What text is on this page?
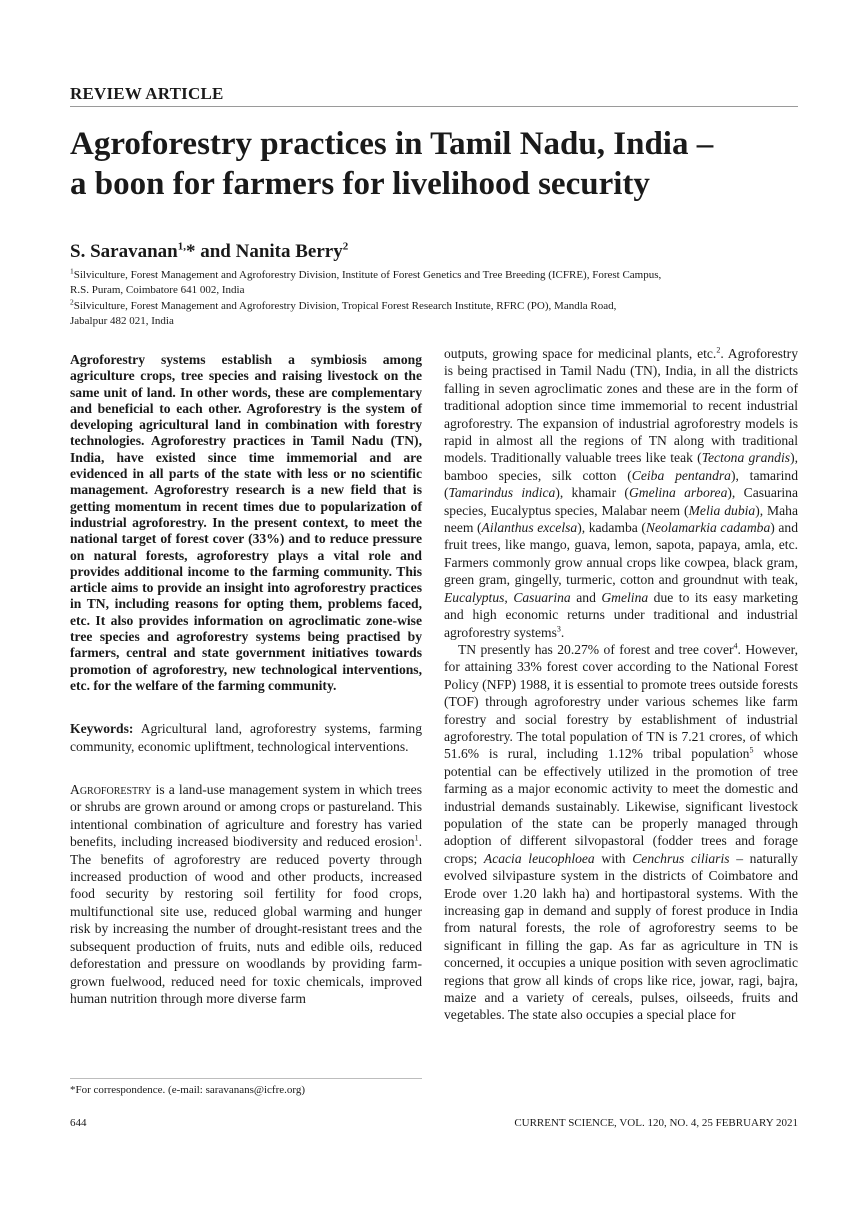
REVIEW ARTICLE
Agroforestry practices in Tamil Nadu, India –
a boon for farmers for livelihood security
S. Saravanan$^{1,}$* and Nanita Berry$^2$
$^1$Silviculture, Forest Management and Agroforestry Division, Institute of Forest Genetics and Tree Breeding (ICFRE), Forest Campus,
R.S. Puram, Coimbatore 641 002, India
$^2$Silviculture, Forest Management and Agroforestry Division, Tropical Forest Research Institute, RFRC (PO), Mandla Road,
Jabalpur 482 021, India

Agroforestry systems establish a symbiosis among agriculture crops, tree species and raising livestock on the same unit of land. In other words, these are complementary and beneficial to each other. Agroforestry is the system of developing agricultural land in combination with forestry technologies. Agroforestry practices in Tamil Nadu (TN), India, have existed since time immemorial and are evidenced in all parts of the state with less or no scientific management. Agroforestry research is a new field that is getting momentum in recent times due to popularization of industrial agroforestry. In the present context, to meet the national target of forest cover (33%) and to reduce pressure on natural forests, agroforestry plays a vital role and provides additional income to the farming community. This article aims to provide an insight into agroforestry practices in TN, including reasons for opting them, problems faced, etc. It also provides information on agroclimatic zone-wise tree species and agroforestry systems being practised by farmers, central and state government initiatives towards promotion of agroforestry, new technological interventions, etc. for the welfare of the farming community.

Keywords: Agricultural land, agroforestry systems, farming community, economic upliftment, technological interventions.

Agroforestry is a land-use management system in which trees or shrubs are grown around or among crops or pastureland. This intentional combination of agriculture and forestry has varied benefits, including increased biodiversity and reduced erosion$^1$. The benefits of agroforestry are reduced poverty through increased production of wood and other products, increased food security by restoring soil fertility for food crops, multifunctional site use, reduced global warming and hunger risk by increasing the number of drought-resistant trees and the subsequent production of fruits, nuts and edible oils, reduced deforestation and pressure on woodlands by providing farm-grown fuelwood, reduced need for toxic chemicals, improved human nutrition through more diverse farm

outputs, growing space for medicinal plants, etc.$^2$. Agroforestry is being practised in Tamil Nadu (TN), India, in all the districts falling in seven agroclimatic zones and these are in the form of traditional adoption since time immemorial to recent industrial agroforestry. The expansion of industrial agroforestry models is rapid in almost all the regions of TN along with traditional models. Traditionally valuable trees like teak (Tectona grandis), bamboo species, silk cotton (Ceiba pentandra), tamarind (Tamarindus indica), khamair (Gmelina arborea), Casuarina species, Eucalyptus species, Malabar neem (Melia dubia), Maha neem (Ailanthus excelsa), kadamba (Neolamarkia cadamba) and fruit trees, like mango, guava, lemon, sapota, papaya, amla, etc. Farmers commonly grow annual crops like cowpea, black gram, green gram, gingelly, turmeric, cotton and groundnut with teak, Eucalyptus, Casuarina and Gmelina due to its easy marketing and high economic returns under traditional and industrial agroforestry systems$^3$.

TN presently has 20.27% of forest and tree cover$^4$. However, for attaining 33% forest cover according to the National Forest Policy (NFP) 1988, it is essential to promote trees outside forests (TOF) through agroforestry under various schemes like farm forestry and social forestry by establishment of industrial agroforestry. The total population of TN is 7.21 crores, of which 51.6% is rural, including 1.12% tribal population$^5$ whose potential can be effectively utilized in the promotion of tree farming as a major economic activity to meet the domestic and industrial demands sustainably. Likewise, significant livestock population of the state can be properly managed through adoption of different silvopastoral (fodder trees and forage crops; Acacia leucophloea with Cenchrus ciliaris – naturally evolved silvipasture system in the districts of Coimbatore and Erode over 1.20 lakh ha) and hortipastoral systems. With the increasing gap in demand and supply of forest produce in India from natural forests, the role of agroforestry seems to be significant in filling the gap. As far as agriculture in TN is concerned, it occupies a unique position with seven agroclimatic regions that grow all kinds of crops like rice, jowar, ragi, bajra, maize and a variety of cereals, pulses, oilseeds, fruits and vegetables. The state also occupies a special place for

*For correspondence. (e-mail: saravanans@icfre.org)
644	CURRENT SCIENCE, VOL. 120, NO. 4, 25 FEBRUARY 2021
